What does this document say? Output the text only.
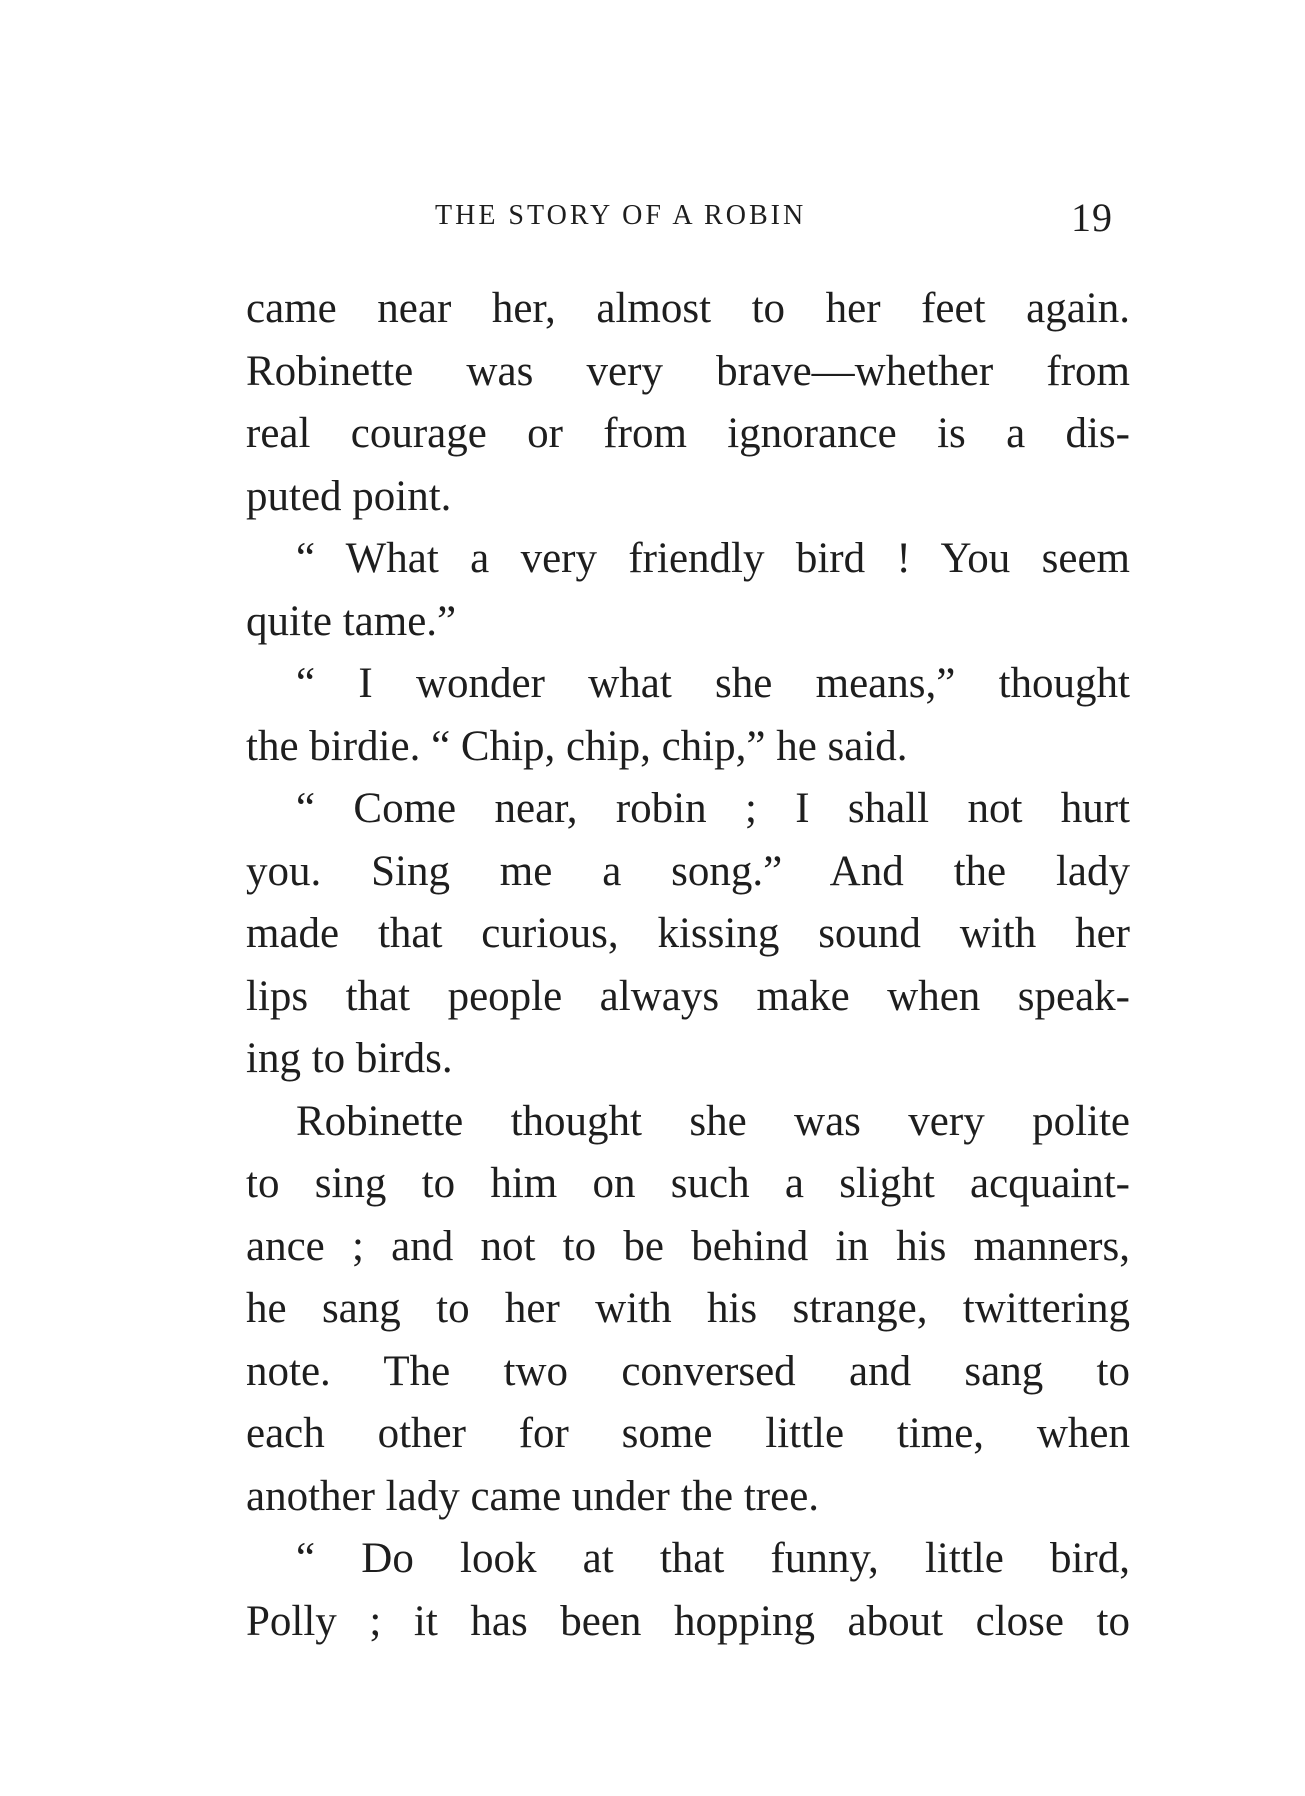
THE STORY OF A ROBIN	19
came near her, almost to her feet again.
Robinette was very brave—whether from
real courage or from ignorance is a dis-
puted point.
“ What a very friendly bird ! You seem
quite tame.”
“ I wonder what she means,” thought
the birdie. “ Chip, chip, chip,” he said.
“ Come near, robin ; I shall not hurt
you. Sing me a song.” And the lady
made that curious, kissing sound with her
lips that people always make when speak-
ing to birds.
Robinette thought she was very polite
to sing to him on such a slight acquaint-
ance ; and not to be behind in his manners,
he sang to her with his strange, twittering
note. The two conversed and sang to
each other for some little time, when
another lady came under the tree.
“ Do look at that funny, little bird,
Polly ; it has been hopping about close to
